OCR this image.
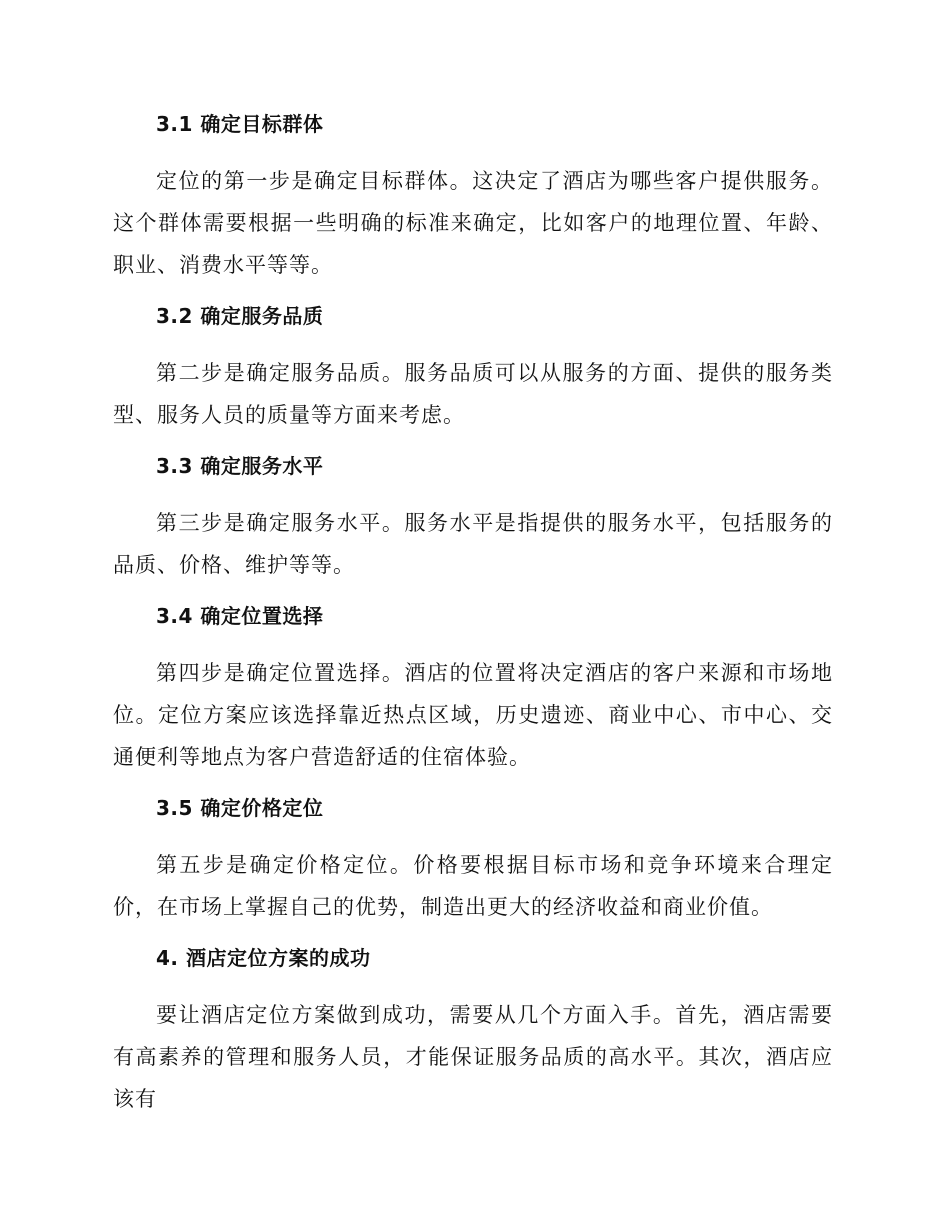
3.1 确定目标群体

定位的第一步是确定目标群体。这决定了酒店为哪些客户提供服务。这个群体需要根据一些明确的标准来确定，比如客户的地理位置、年龄、职业、消费水平等等。

3.2 确定服务品质

第二步是确定服务品质。服务品质可以从服务的方面、提供的服务类型、服务人员的质量等方面来考虑。

3.3 确定服务水平

第三步是确定服务水平。服务水平是指提供的服务水平，包括服务的品质、价格、维护等等。

3.4 确定位置选择

第四步是确定位置选择。酒店的位置将决定酒店的客户来源和市场地位。定位方案应该选择靠近热点区域，历史遗迹、商业中心、市中心、交通便利等地点为客户营造舒适的住宿体验。

3.5 确定价格定位

第五步是确定价格定位。价格要根据目标市场和竞争环境来合理定价，在市场上掌握自己的优势，制造出更大的经济收益和商业价值。

4. 酒店定位方案的成功

要让酒店定位方案做到成功，需要从几个方面入手。首先，酒店需要有高素养的管理和服务人员，才能保证服务品质的高水平。其次，酒店应该有
